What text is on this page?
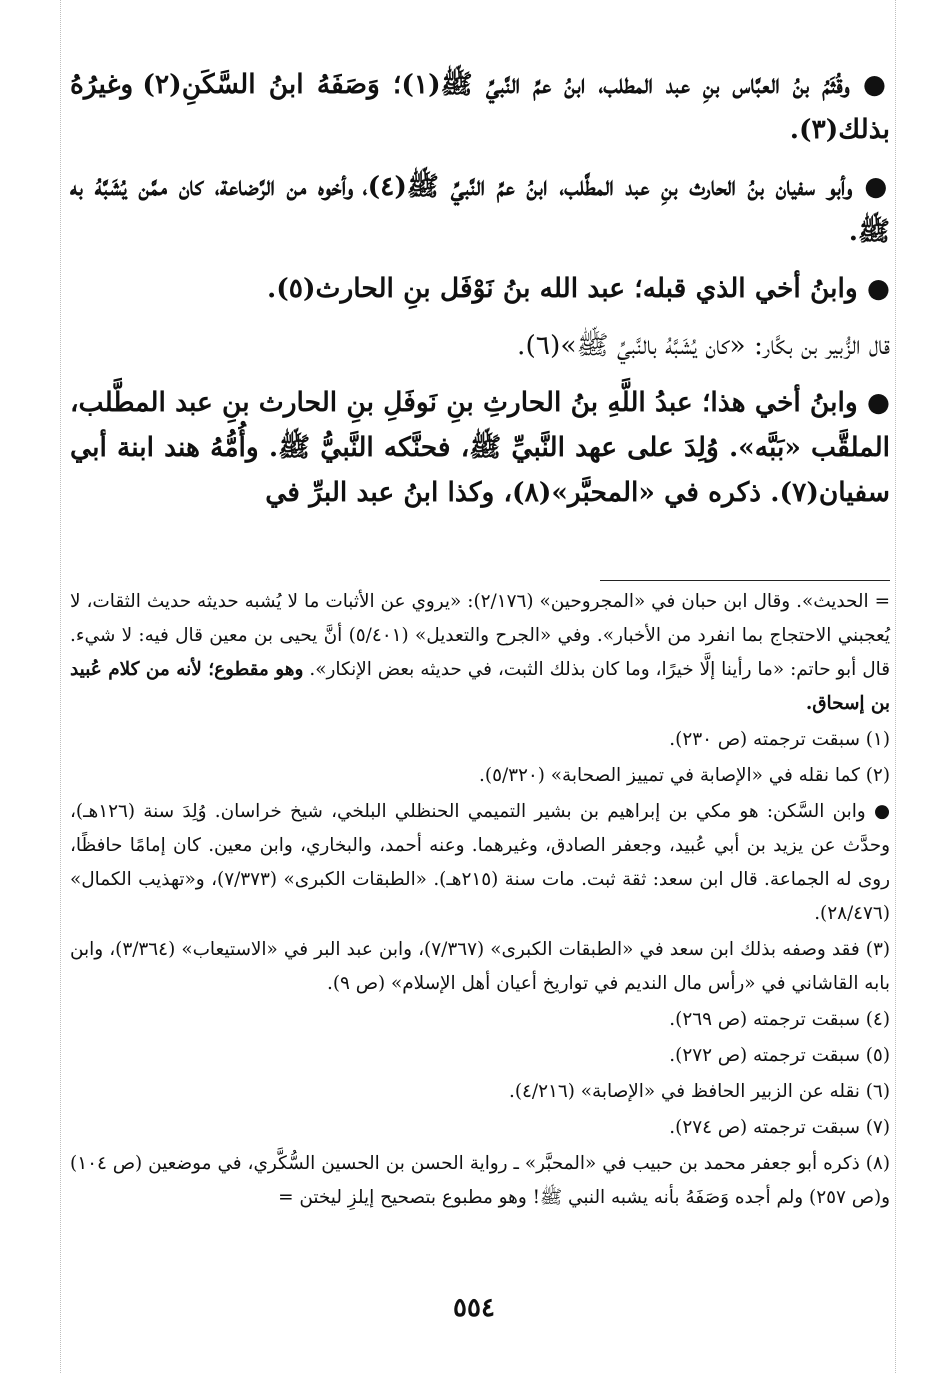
● وقُثَمُ بنُ العبَّاس بنِ عبد المطلب، ابنُ عمِّ النَّبيِّ ﷺ(١)؛ وَصَفَهُ ابنُ السَّكَنِ(٢) وغيرُهُ بذلك(٣).

● وأبو سفيان بنُ الحارث بنِ عبد المطَّلب، ابنُ عمِّ النَّبيِّ ﷺ(٤)، وأخوه من الرَّضاعة، كان ممَّن يُشَبَّهُ به ﷺ.

● وابنُ أخي الذي قبله؛ عبد الله بنُ نَوْفَل بنِ الحارث(٥).

قال الزُّبير بن بكَّار: «كان يُشَبَّهُ بالنَّبيِّ ﷺ»(٦).

● وابنُ أخي هذا؛ عبدُ اللَّهِ بنُ الحارثِ بنِ نَوفَلِ بنِ الحارث بنِ عبد المطَّلب، الملقَّب «بَبَّه». وُلِدَ على عهد النَّبيِّ ﷺ، فحنَّكه النَّبيُّ ﷺ. وأُمُّهُ هند ابنة أبي سفيان(٧). ذكره في «المحبَّر»(٨)، وكذا ابنُ عبد البرِّ في

= الحديث». وقال ابن حبان في «المجروحين» (٢/١٧٦): «يروي عن الأثبات ما لا يُشبه حديثه حديث الثقات، لا يُعجبني الاحتجاج بما انفرد من الأخبار». وفي «الجرح والتعديل» (٥/٤٠١) أنَّ يحيى بن معين قال فيه: لا شيء. قال أبو حاتم: «ما رأينا إلَّا خيرًا، وما كان بذلك الثبت، في حديثه بعض الإنكار». وهو مقطوع؛ لأنه من كلام عُبيد بن إسحاق.

(١) سبقت ترجمته (ص ٢٣٠).

(٢) كما نقله في «الإصابة في تمييز الصحابة» (٥/٣٢٠).

● وابن السَّكن: هو مكي بن إبراهيم بن بشير التميمي الحنظلي البلخي، شيخ خراسان. وُلِدَ سنة (١٢٦هـ)، وحدَّث عن يزيد بن أبي عُبيد، وجعفر الصادق، وغيرهما. وعنه أحمد، والبخاري، وابن معين. كان إمامًا حافظًا، روى له الجماعة. قال ابن سعد: ثقة ثبت. مات سنة (٢١٥هـ). «الطبقات الكبرى» (٧/٣٧٣)، و«تهذيب الكمال» (٢٨/٤٧٦).

(٣) فقد وصفه بذلك ابن سعد في «الطبقات الكبرى» (٧/٣٦٧)، وابن عبد البر في «الاستيعاب» (٣/٣٦٤)، وابن بابه القاشاني في «رأس مال النديم في تواريخ أعيان أهل الإسلام» (ص ٩).

(٤) سبقت ترجمته (ص ٢٦٩).

(٥) سبقت ترجمته (ص ٢٧٢).

(٦) نقله عن الزبير الحافظ في «الإصابة» (٤/٢١٦).

(٧) سبقت ترجمته (ص ٢٧٤).

(٨) ذكره أبو جعفر محمد بن حبيب في «المحبَّر» ـ رواية الحسن بن الحسين السُّكَّري، في موضعين (ص ١٠٤) و(ص ٢٥٧) ولم أجده وَصَفَهُ بأنه يشبه النبي ﷺ! وهو مطبوع بتصحيح إيلزِ ليختن =

٥٥٤
